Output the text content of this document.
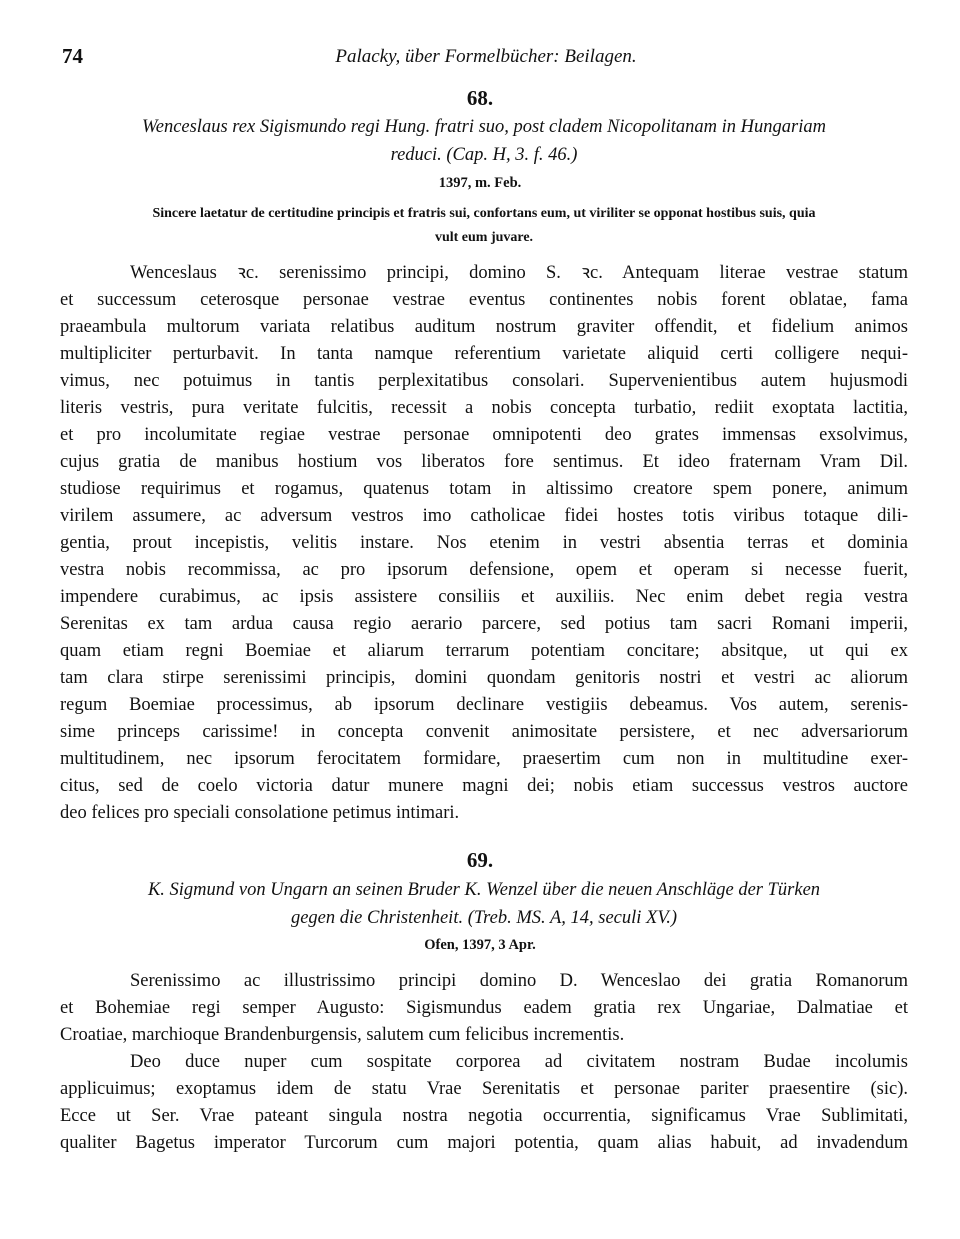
74	Palacky, über Formelbücher: Beilagen.
68.
Wenceslaus rex Sigismundo regi Hung. fratri suo, post cladem Nicopolitanam in Hungariam
reduci. (Cap. H, 3. f. 46.)
1397, m. Feb.
Sincere laetatur de certitudine principis et fratris sui, confortans eum, ut viriliter se opponat hostibus suis, quia
vult eum juvare.
Wenceslaus ꝛc. serenissimo principi, domino S. ꝛc. Antequam literae vestrae statum
et successum ceterosque personae vestrae eventus continentes nobis forent oblatae, fama
praeambula multorum variata relatibus auditum nostrum graviter offendit, et fidelium animos
multipliciter perturbavit. In tanta namque referentium varietate aliquid certi colligere nequi-
vimus, nec potuimus in tantis perplexitatibus consolari. Supervenientibus autem hujusmodi
literis vestris, pura veritate fulcitis, recessit a nobis concepta turbatio, rediit exoptata lactitia,
et pro incolumitate regiae vestrae personae omnipotenti deo grates immensas exsolvimus,
cujus gratia de manibus hostium vos liberatos fore sentimus. Et ideo fraternam Vram Dil.
studiose requirimus et rogamus, quatenus totam in altissimo creatore spem ponere, animum
virilem assumere, ac adversum vestros imo catholicae fidei hostes totis viribus totaque dili-
gentia, prout incepistis, velitis instare. Nos etenim in vestri absentia terras et dominia
vestra nobis recommissa, ac pro ipsorum defensione, opem et operam si necesse fuerit,
impendere curabimus, ac ipsis assistere consiliis et auxiliis. Nec enim debet regia vestra
Serenitas ex tam ardua causa regio aerario parcere, sed potius tam sacri Romani imperii,
quam etiam regni Boemiae et aliarum terrarum potentiam concitare; absitque, ut qui ex
tam clara stirpe serenissimi principis, domini quondam genitoris nostri et vestri ac aliorum
regum Boemiae processimus, ab ipsorum declinare vestigiis debeamus. Vos autem, serenis-
sime princeps carissime! in concepta convenit animositate persistere, et nec adversariorum
multitudinem, nec ipsorum ferocitatem formidare, praesertim cum non in multitudine exer-
citus, sed de coelo victoria datur munere magni dei; nobis etiam successus vestros auctore
deo felices pro speciali consolatione petimus intimari.
69.
K. Sigmund von Ungarn an seinen Bruder K. Wenzel über die neuen Anschläge der Türken
gegen die Christenheit. (Treb. MS. A, 14, seculi XV.)
Ofen, 1397, 3 Apr.
Serenissimo ac illustrissimo principi domino D. Wenceslao dei gratia Romanorum
et Bohemiae regi semper Augusto: Sigismundus eadem gratia rex Ungariae, Dalmatiae et
Croatiae, marchioque Brandenburgensis, salutem cum felicibus incrementis.
Deo duce nuper cum sospitate corporea ad civitatem nostram Budae incolumis
applicuimus; exoptamus idem de statu Vrae Serenitatis et personae pariter praesentire (sic).
Ecce ut Ser. Vrae pateant singula nostra negotia occurrentia, significamus Vrae Sublimitati,
qualiter Bagetus imperator Turcorum cum majori potentia, quam alias habuit, ad invadendum
